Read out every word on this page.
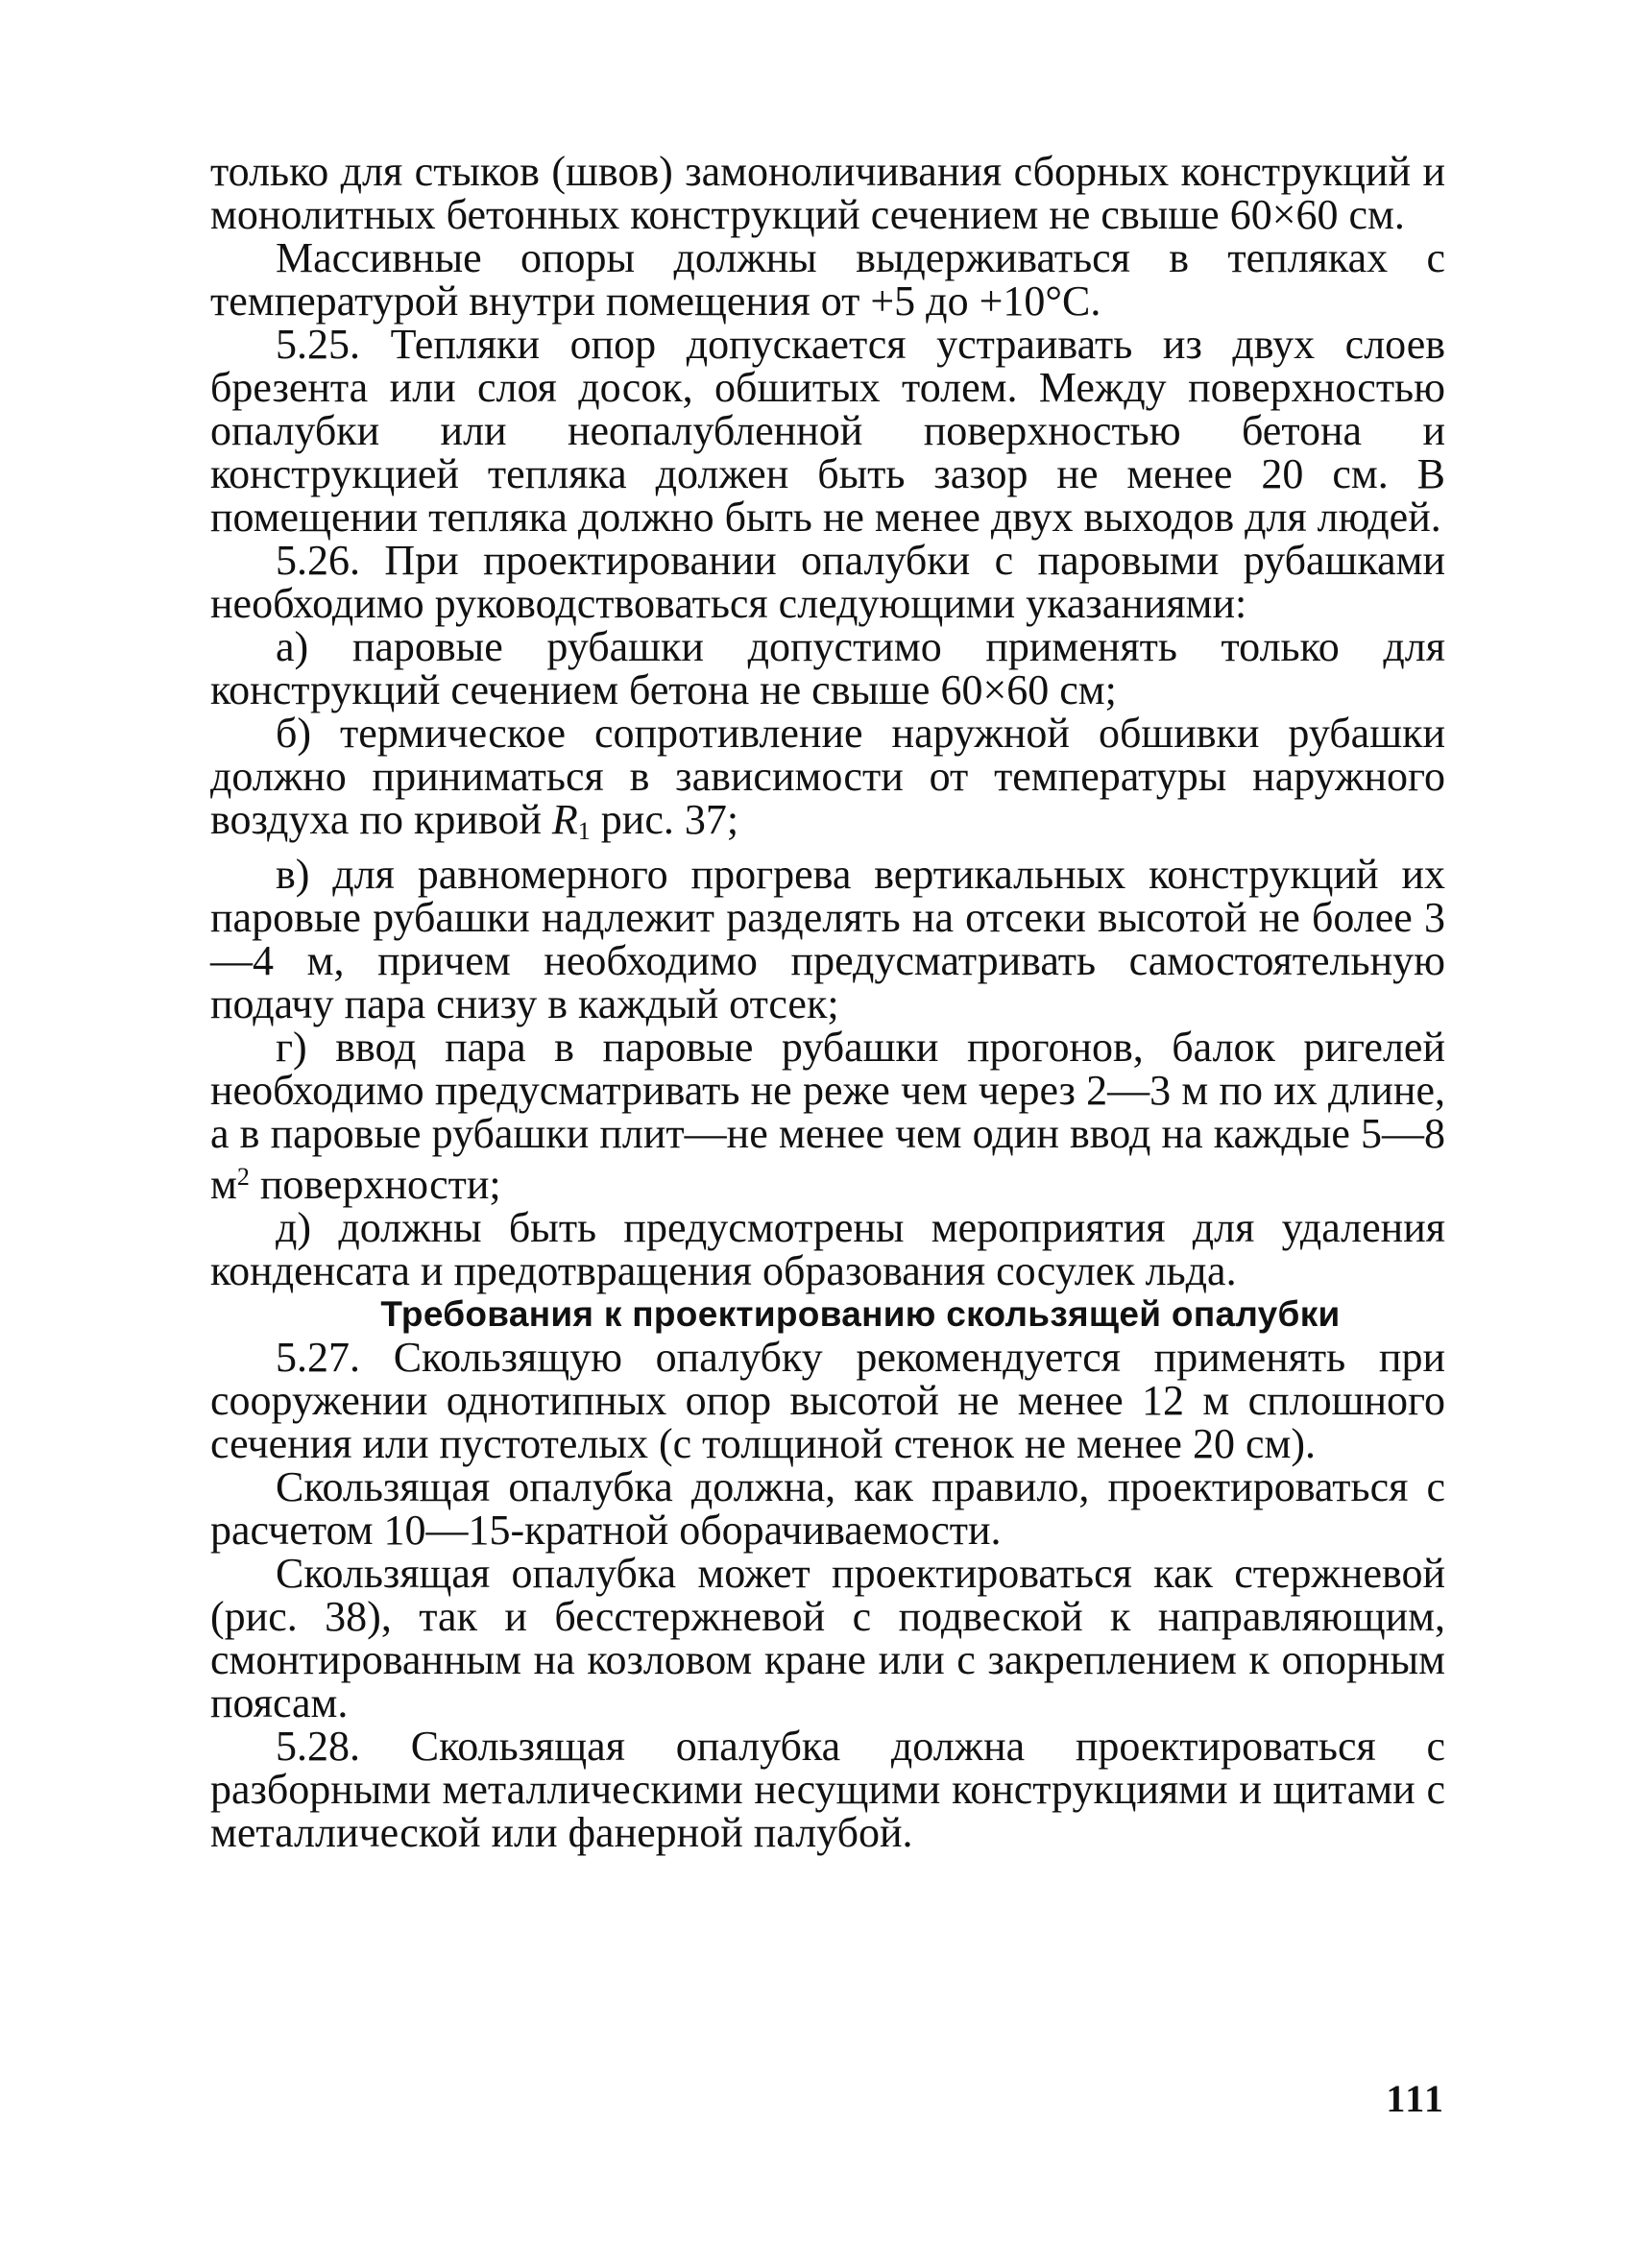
только для стыков (швов) замоноличивания сборных конструкций и монолитных бетонных конструкций сечением не свыше 60×60 см.

Массивные опоры должны выдерживаться в тепляках с температурой внутри помещения от +5 до +10°С.

5.25. Тепляки опор допускается устраивать из двух слоев брезента или слоя досок, обшитых толем. Между поверхностью опалубки или неопалубленной поверхностью бетона и конструкцией тепляка должен быть зазор не менее 20 см. В помещении тепляка должно быть не менее двух выходов для людей.

5.26. При проектировании опалубки с паровыми рубашками необходимо руководствоваться следующими указаниями:

а) паровые рубашки допустимо применять только для конструкций сечением бетона не свыше 60×60 см;

б) термическое сопротивление наружной обшивки рубашки должно приниматься в зависимости от температуры наружного воздуха по кривой $R_1$ рис. 37;

в) для равномерного прогрева вертикальных конструкций их паровые рубашки надлежит разделять на отсеки высотой не более 3—4 м, причем необходимо предусматривать самостоятельную подачу пара снизу в каждый отсек;

г) ввод пара в паровые рубашки прогонов, балок ригелей необходимо предусматривать не реже чем через 2—3 м по их длине, а в паровые рубашки плит—не менее чем один ввод на каждые 5—8 $м^2$ поверхности;

д) должны быть предусмотрены мероприятия для удаления конденсата и предотвращения образования сосулек льда.

Требования к проектированию скользящей опалубки

5.27. Скользящую опалубку рекомендуется применять при сооружении однотипных опор высотой не менее 12 м сплошного сечения или пустотелых (с толщиной стенок не менее 20 см).

Скользящая опалубка должна, как правило, проектироваться с расчетом 10—15-кратной оборачиваемости.

Скользящая опалубка может проектироваться как стержневой (рис. 38), так и бесстержневой с подвеской к направляющим, смонтированным на козловом кране или с закреплением к опорным поясам.

5.28. Скользящая опалубка должна проектироваться с разборными металлическими несущими конструкциями и щитами с металлической или фанерной палубой.

111
